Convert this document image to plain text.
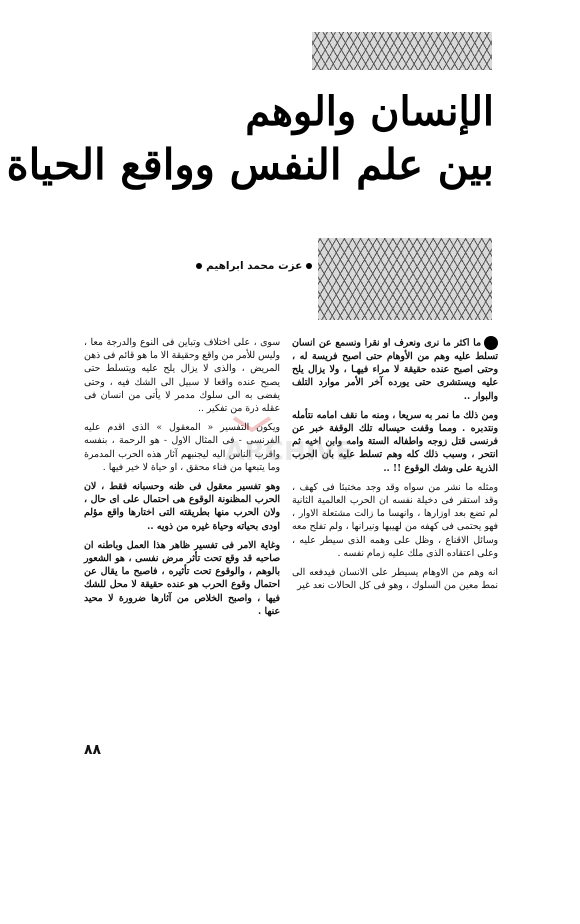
الإنسان والوهم
بين علم النفس وواقع الحياة
عزت محمد ابراهيم

ما اكثر ما نرى ونعرف او نقرا ونسمع عن انسان تسلط عليه وهم من الأوهام حتى اصبح فريسة له ، وحتى اصبح عنده حقيقة لا مراء فيهـا ، ولا يزال يلح عليه ويستشرى حتى يورده آخر الأمر موارد التلف والبوار ..

ومن ذلك ما نمر به سريعا ، ومنه ما نقف امامه نتأمله ونتدبره . ومما وقفت حيساله تلك الوقفة خبر عن فرنسى قتل زوجه واطفاله الستة وامه وابن اخيه ثم انتحر ، وسبب ذلك كله وهم تسلط عليه بان الحرب الذرية على وشك الوقوع !! ..

ومثله ما نشر من سواه وقد وجد مختبئا فى كهف ، وقد استقر فى دخيلة نفسه ان الحرب العالمية الثانية لم تضع بعد اوزارها ، وانهسا ما زالت مشتعلة الاوار ، فهو يحتمى فى كهفه من لهيبها ونيرانها ، ولم تفلح معه وسائل الاقناع ، وظل على وهمه الذى سيطر عليه ، وعلى اعتقاده الذى ملك عليه زمام نفسه .

انه وهم من الاوهام يسيطر على الانسان فيدفعه الى نمط معين من السلوك ، وهو فى كل الحالات نعد غير

سوى ، على اختلاف وتباين فى النوع والدرجة معا ، وليس للأمر من واقع وحقيقة الا ما هو قائم فى ذهن المريض ، والذى لا يزال يلح عليه ويتسلط حتى يصبح عنده واقعا لا سبيل الى الشك فيه ، وحتى يفضى به الى سلوك مدمر لا يأتى من انسان فى عقله ذرة من تفكير ..

ويكون التفسير « المعقول » الذى اقدم عليه الفرنسى - فى المثال الاول - هو الرحمة ، بنفسه واقرب الناس اليه ليجنبهم آثار هذه الحرب المدمرة وما يتبعها من فناء محقق ، او حياة لا خير فيها .

وهو تفسير معقول فى ظنه وحسبانه فقط ، لان الحرب المظنونة الوقوع هى احتمال على اى حال ، ولان الحرب منها بطريقته التى اختارها واقع مؤلم اودى بحياته وحياة غيره من ذويه ..

وغاية الامر فى تفسير ظاهر هذا العمل وباطنه ان صاحبه قد وقع تحت تأثر مرض نفسى ، هو الشعور بالوهم ، والوقوع تحت تأثيره ، فاصبح ما يقال عن احتمال وقوع الحرب هو عنده حقيقة لا محل للشك فيها ، واصبح الخلاص من آثارها ضرورة لا محيد عنها .

ARCHIVE
٨٨
